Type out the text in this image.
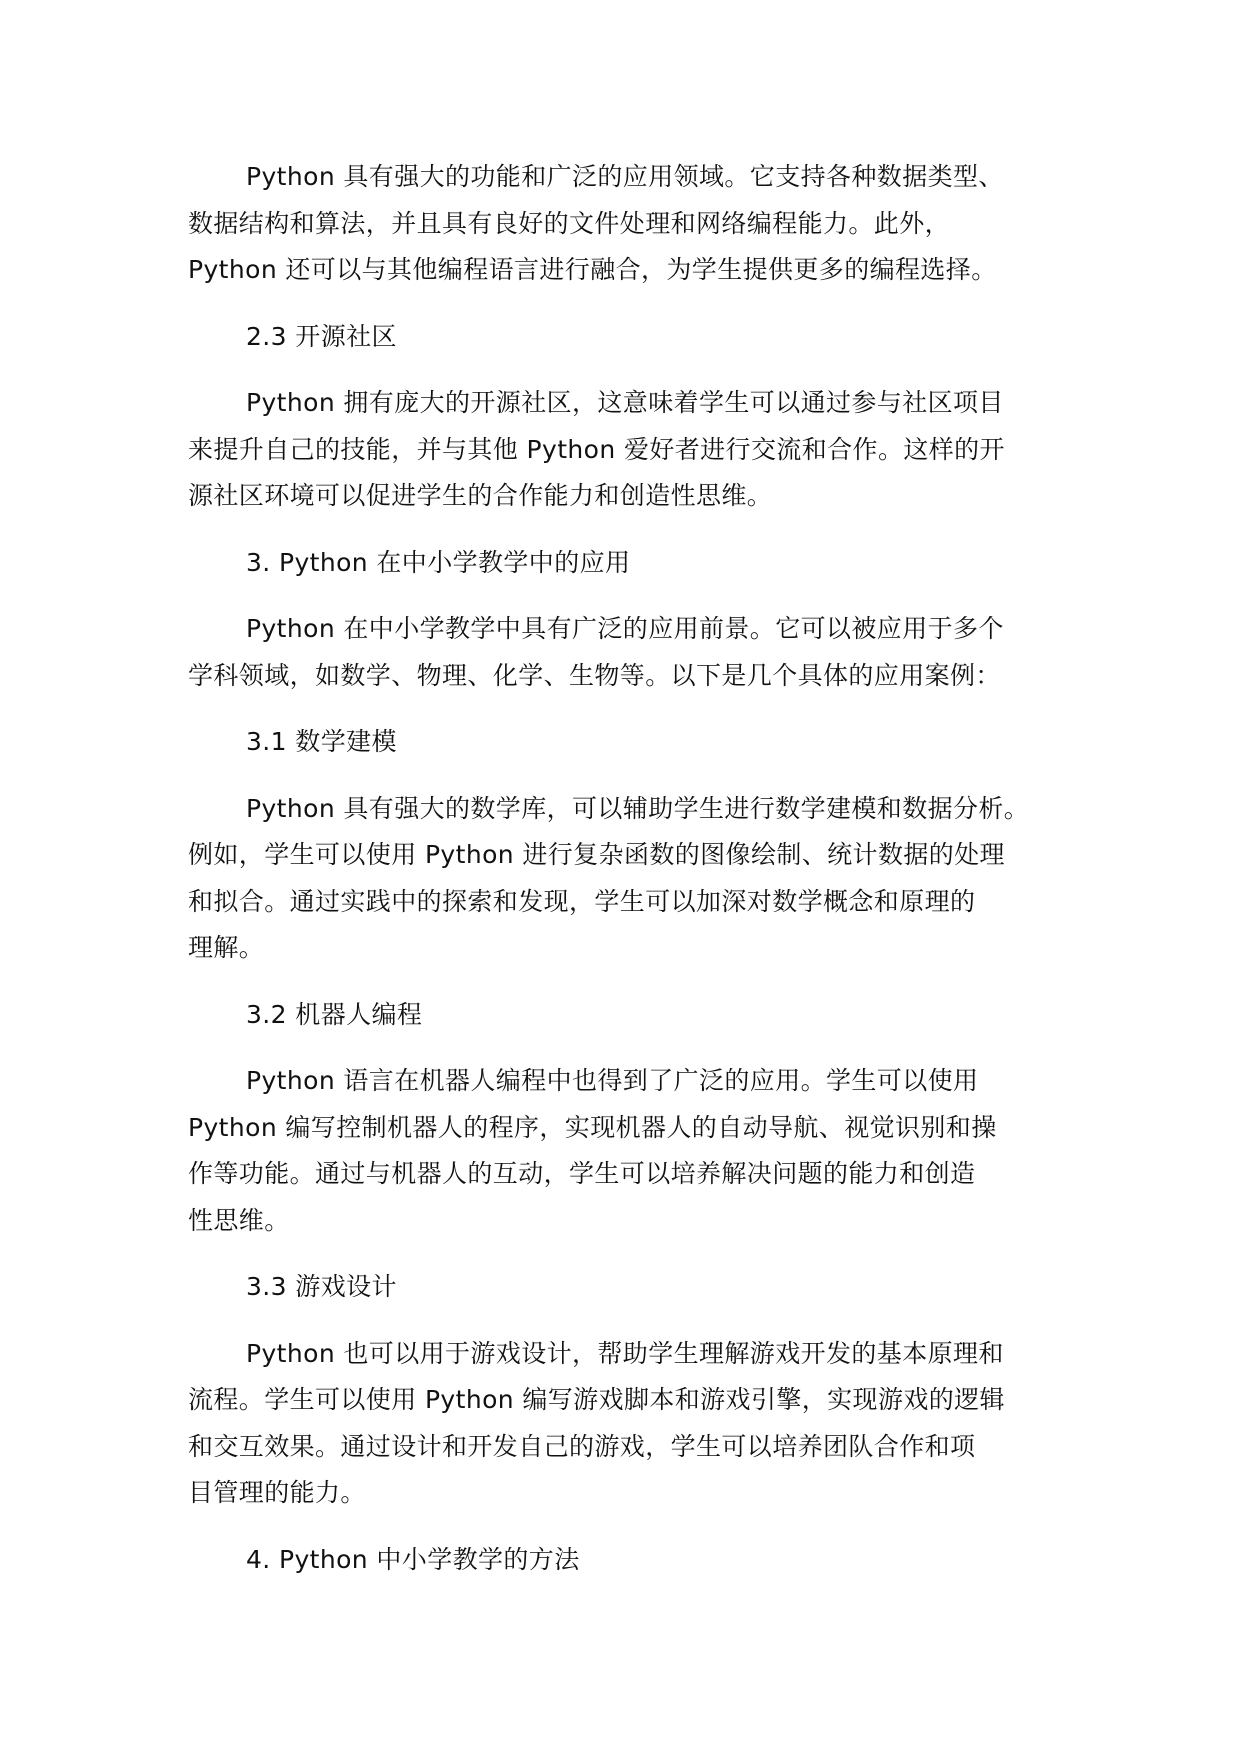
Python 具有强大的功能和广泛的应用领域。它支持各种数据类型、
数据结构和算法，并且具有良好的文件处理和网络编程能力。此外，
Python 还可以与其他编程语言进行融合，为学生提供更多的编程选择。

2.3 开源社区

Python 拥有庞大的开源社区，这意味着学生可以通过参与社区项目
来提升自己的技能，并与其他 Python 爱好者进行交流和合作。这样的开
源社区环境可以促进学生的合作能力和创造性思维。

3. Python 在中小学教学中的应用

Python 在中小学教学中具有广泛的应用前景。它可以被应用于多个
学科领域，如数学、物理、化学、生物等。以下是几个具体的应用案例：

3.1 数学建模

Python 具有强大的数学库，可以辅助学生进行数学建模和数据分析。
例如，学生可以使用 Python 进行复杂函数的图像绘制、统计数据的处理
和拟合。通过实践中的探索和发现，学生可以加深对数学概念和原理的
理解。

3.2 机器人编程

Python 语言在机器人编程中也得到了广泛的应用。学生可以使用
Python 编写控制机器人的程序，实现机器人的自动导航、视觉识别和操
作等功能。通过与机器人的互动，学生可以培养解决问题的能力和创造
性思维。

3.3 游戏设计

Python 也可以用于游戏设计，帮助学生理解游戏开发的基本原理和
流程。学生可以使用 Python 编写游戏脚本和游戏引擎，实现游戏的逻辑
和交互效果。通过设计和开发自己的游戏，学生可以培养团队合作和项
目管理的能力。

4. Python 中小学教学的方法
